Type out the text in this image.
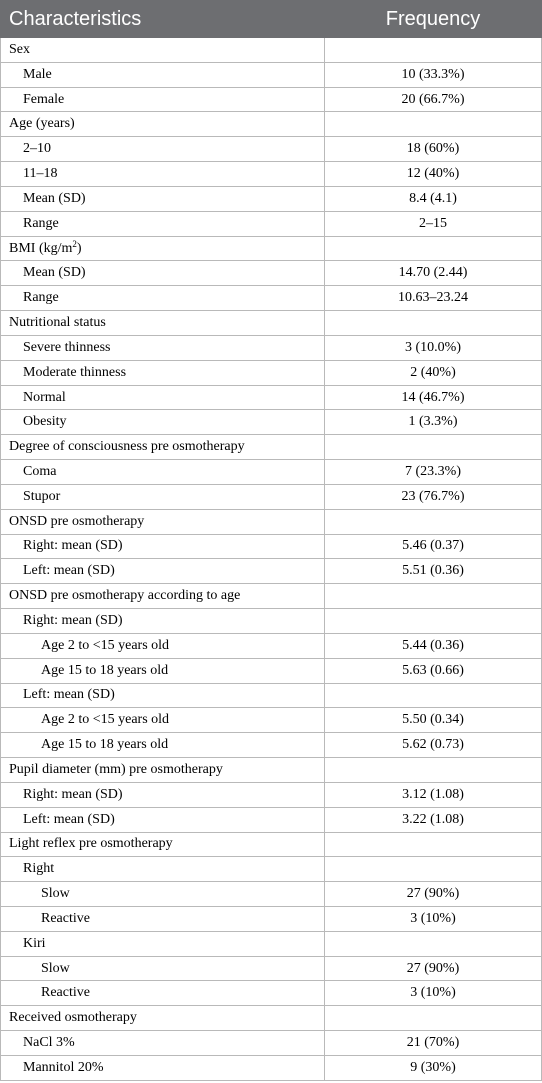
Characteristics	Frequency
Sex	
Male	10 (33.3%)
Female	20 (66.7%)
Age (years)	
2–10	18 (60%)
11–18	12 (40%)
Mean (SD)	8.4 (4.1)
Range	2–15
BMI $(kg/m^2)$	
Mean (SD)	14.70 (2.44)
Range	10.63–23.24
Nutritional status	
Severe thinness	3 (10.0%)
Moderate thinness	2 (40%)
Normal	14 (46.7%)
Obesity	1 (3.3%)
Degree of consciousness pre osmotherapy	
Coma	7 (23.3%)
Stupor	23 (76.7%)
ONSD pre osmotherapy	
Right: mean (SD)	5.46 (0.37)
Left: mean (SD)	5.51 (0.36)
ONSD pre osmotherapy according to age	
Right: mean (SD)	
Age 2 to <15 years old	5.44 (0.36)
Age 15 to 18 years old	5.63 (0.66)
Left: mean (SD)	
Age 2 to <15 years old	5.50 (0.34)
Age 15 to 18 years old	5.62 (0.73)
Pupil diameter (mm) pre osmotherapy	
Right: mean (SD)	3.12 (1.08)
Left: mean (SD)	3.22 (1.08)
Light reflex pre osmotherapy	
Right	
Slow	27 (90%)
Reactive	3 (10%)
Kiri	
Slow	27 (90%)
Reactive	3 (10%)
Received osmotherapy	
NaCl 3%	21 (70%)
Mannitol 20%	9 (30%)
